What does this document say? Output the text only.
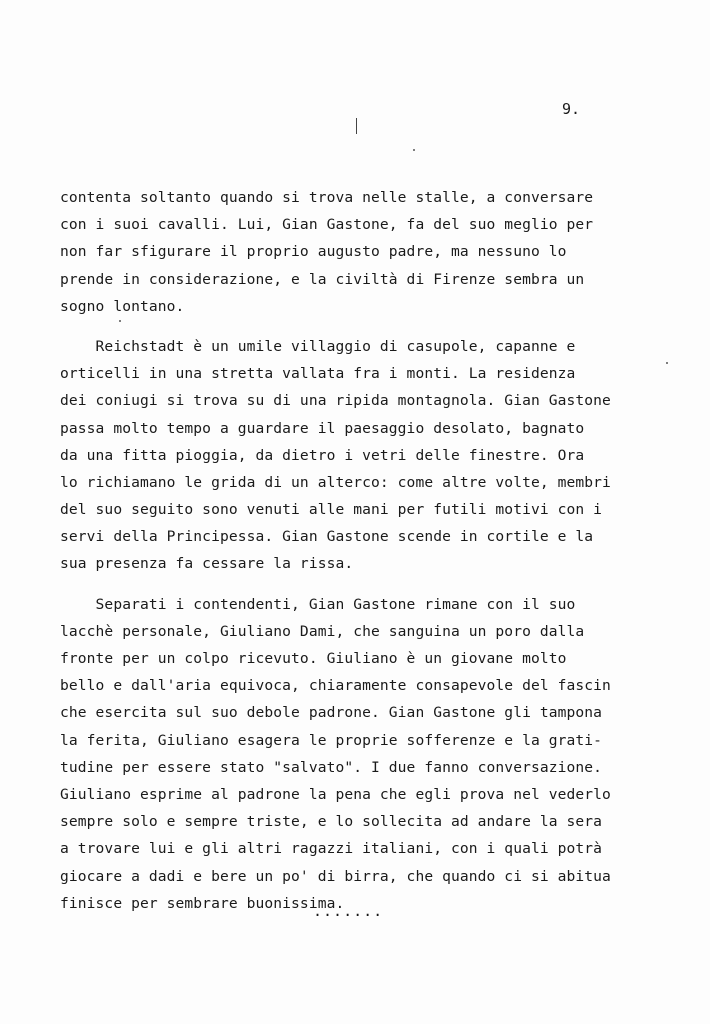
9.
contenta soltanto quando si trova nelle stalle, a conversare
con i suoi cavalli. Lui, Gian Gastone, fa del suo meglio per
non far sfigurare il proprio augusto padre, ma nessuno lo
prende in considerazione, e la civiltà di Firenze sembra un
sogno lontano.
Reichstadt è un umile villaggio di casupole, capanne e
orticelli in una stretta vallata fra i monti. La residenza
dei coniugi si trova su di una ripida montagnola. Gian Gastone
passa molto tempo a guardare il paesaggio desolato, bagnato
da una fitta pioggia, da dietro i vetri delle finestre. Ora
lo richiamano le grida di un alterco: come altre volte, membri
del suo seguito sono venuti alle mani per futili motivi con i
servi della Principessa. Gian Gastone scende in cortile e la
sua presenza fa cessare la rissa.
Separati i contendenti, Gian Gastone rimane con il suo
lacchè personale, Giuliano Dami, che sanguina un poro dalla
fronte per un colpo ricevuto. Giuliano è un giovane molto
bello e dall'aria equivoca, chiaramente consapevole del fascin
che esercita sul suo debole padrone. Gian Gastone gli tampona
la ferita, Giuliano esagera le proprie sofferenze e la grati-
tudine per essere stato "salvato". I due fanno conversazione.
Giuliano esprime al padrone la pena che egli prova nel vederlo
sempre solo e sempre triste, e lo sollecita ad andare la sera
a trovare lui e gli altri ragazzi italiani, con i quali potrà
giocare a dadi e bere un po' di birra, che quando ci si abitua
finisce per sembrare buonissima.
.......
